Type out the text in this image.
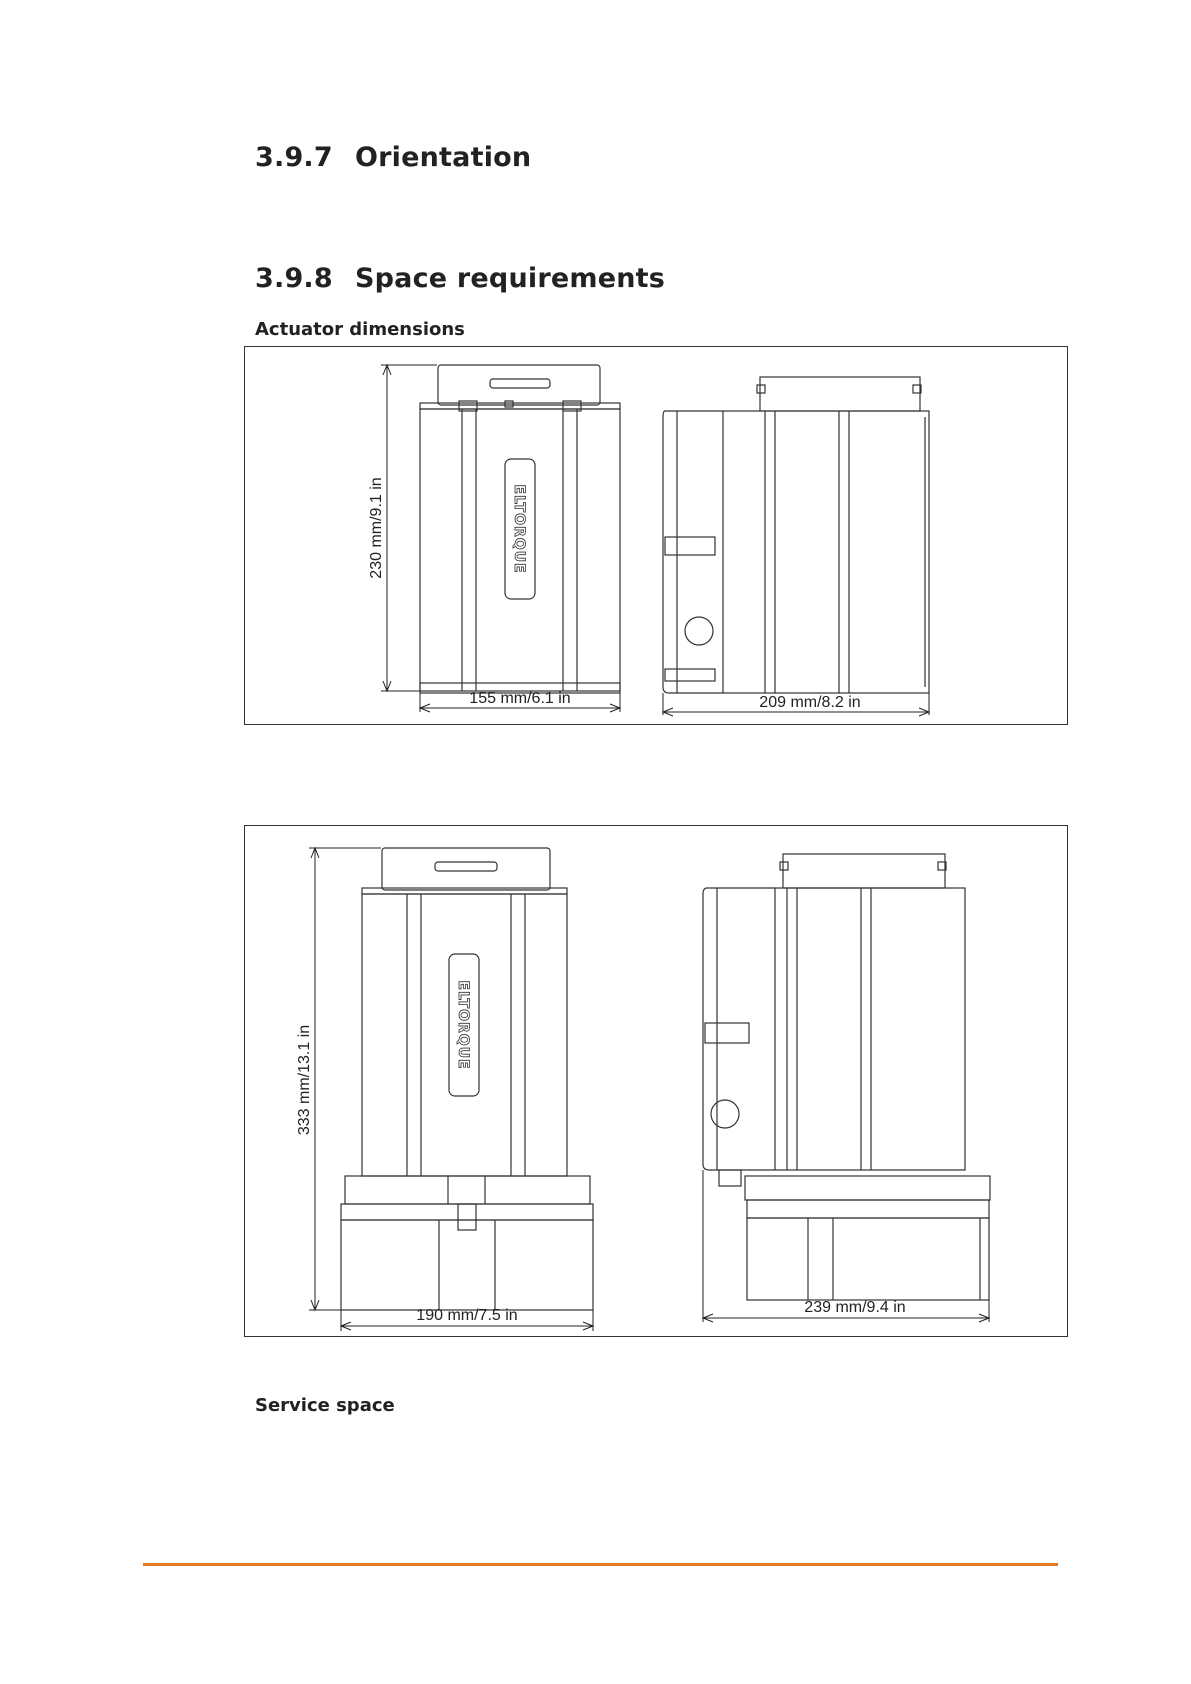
3.9.7 Orientation
3.9.8 Space requirements
Actuator dimensions
230 mm/9.1 in
155 mm/6.1 in	209 mm/8.2 in
ELTORQUE
333 mm/13.1 in
190 mm/7.5 in	239 mm/9.4 in
ELTORQUE
Service space
